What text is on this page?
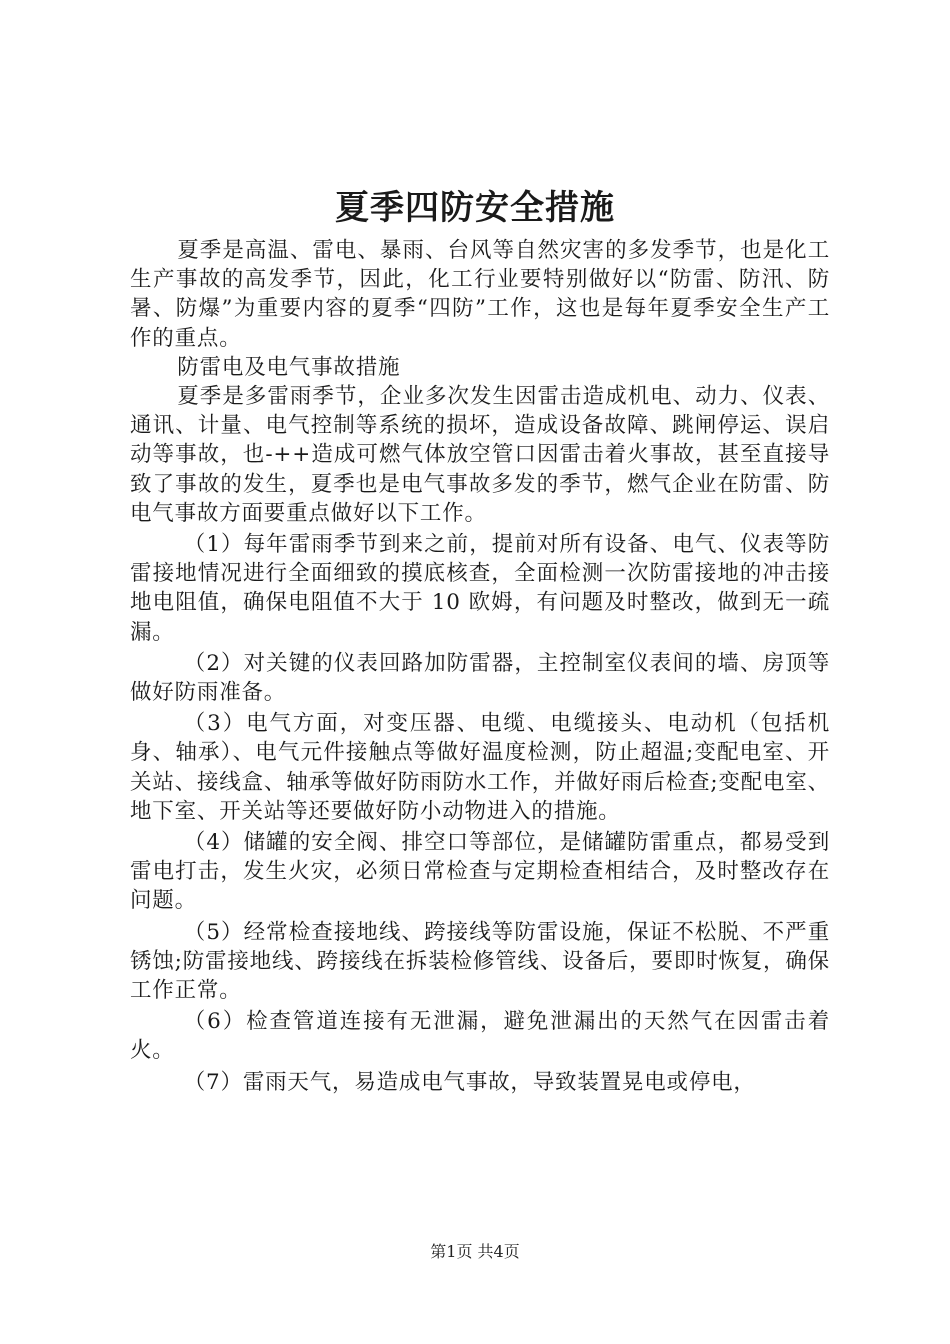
夏季四防安全措施

夏季是高温、雷电、暴雨、台风等自然灾害的多发季节，也是化工生产事故的高发季节，因此，化工行业要特别做好以“防雷、防汛、防暑、防爆”为重要内容的夏季“四防”工作，这也是每年夏季安全生产工作的重点。

防雷电及电气事故措施

夏季是多雷雨季节，企业多次发生因雷击造成机电、动力、仪表、通讯、计量、电气控制等系统的损坏，造成设备故障、跳闸停运、误启动等事故，也-++造成可燃气体放空管口因雷击着火事故，甚至直接导致了事故的发生，夏季也是电气事故多发的季节，燃气企业在防雷、防电气事故方面要重点做好以下工作。

（1）每年雷雨季节到来之前，提前对所有设备、电气、仪表等防雷接地情况进行全面细致的摸底核查，全面检测一次防雷接地的冲击接地电阻值，确保电阻值不大于 10 欧姆，有问题及时整改，做到无一疏漏。

（2）对关键的仪表回路加防雷器，主控制室仪表间的墙、房顶等做好防雨准备。

（3）电气方面，对变压器、电缆、电缆接头、电动机（包括机身、轴承）、电气元件接触点等做好温度检测，防止超温;变配电室、开关站、接线盒、轴承等做好防雨防水工作，并做好雨后检查;变配电室、地下室、开关站等还要做好防小动物进入的措施。

（4）储罐的安全阀、排空口等部位，是储罐防雷重点，都易受到雷电打击，发生火灾，必须日常检查与定期检查相结合，及时整改存在问题。

（5）经常检查接地线、跨接线等防雷设施，保证不松脱、不严重锈蚀;防雷接地线、跨接线在拆装检修管线、设备后，要即时恢复，确保工作正常。

（6）检查管道连接有无泄漏，避免泄漏出的天然气在因雷击着火。

（7）雷雨天气，易造成电气事故，导致装置晃电或停电，

第1页 共4页
